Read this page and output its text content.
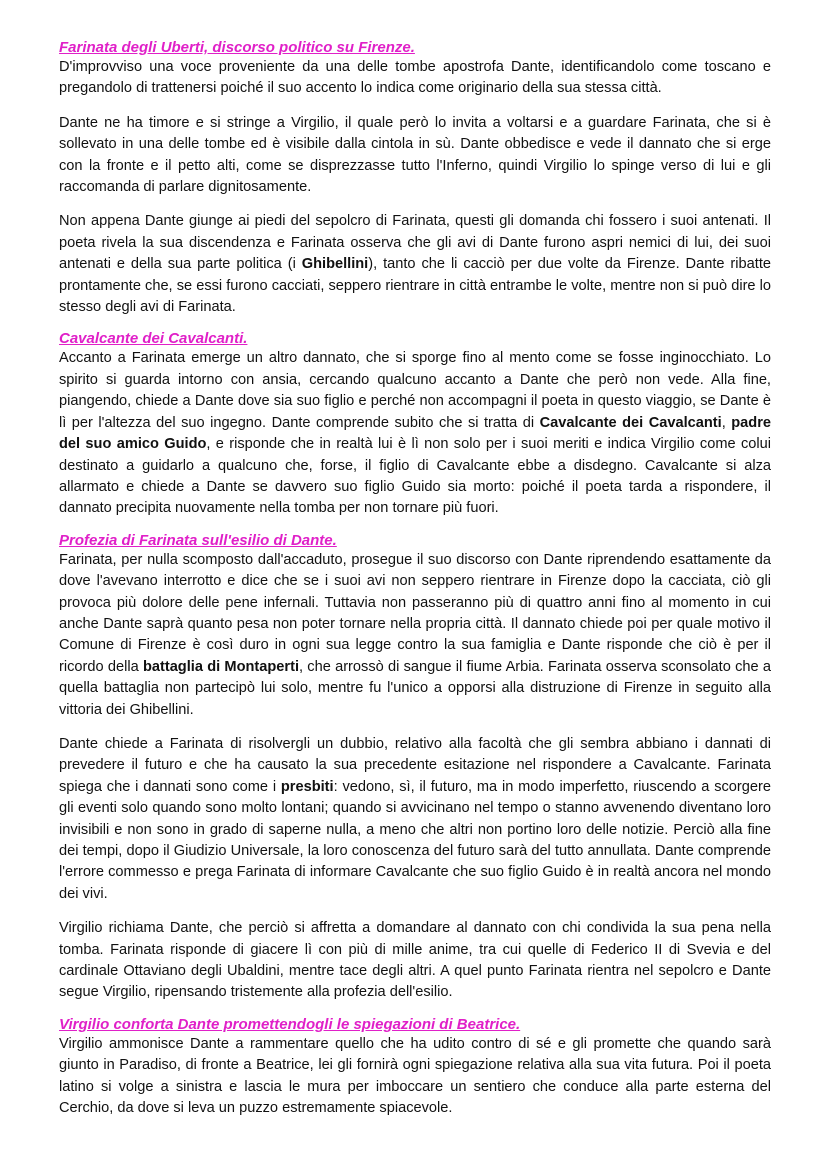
Farinata degli Uberti, discorso politico su Firenze.

D'improvviso una voce proveniente da una delle tombe apostrofa Dante, identificandolo come toscano e pregandolo di trattenersi poiché il suo accento lo indica come originario della sua stessa città.

Dante ne ha timore e si stringe a Virgilio, il quale però lo invita a voltarsi e a guardare Farinata, che si è sollevato in una delle tombe ed è visibile dalla cintola in sù. Dante obbedisce e vede il dannato che si erge con la fronte e il petto alti, come se disprezzasse tutto l'Inferno, quindi Virgilio lo spinge verso di lui e gli raccomanda di parlare dignitosamente.

Non appena Dante giunge ai piedi del sepolcro di Farinata, questi gli domanda chi fossero i suoi antenati. Il poeta rivela la sua discendenza e Farinata osserva che gli avi di Dante furono aspri nemici di lui, dei suoi antenati e della sua parte politica (i Ghibellini), tanto che li cacciò per due volte da Firenze. Dante ribatte prontamente che, se essi furono cacciati, seppero rientrare in città entrambe le volte, mentre non si può dire lo stesso degli avi di Farinata.

Cavalcante dei Cavalcanti.

Accanto a Farinata emerge un altro dannato, che si sporge fino al mento come se fosse inginocchiato. Lo spirito si guarda intorno con ansia, cercando qualcuno accanto a Dante che però non vede. Alla fine, piangendo, chiede a Dante dove sia suo figlio e perché non accompagni il poeta in questo viaggio, se Dante è lì per l'altezza del suo ingegno. Dante comprende subito che si tratta di Cavalcante dei Cavalcanti, padre del suo amico Guido, e risponde che in realtà lui è lì non solo per i suoi meriti e indica Virgilio come colui destinato a guidarlo a qualcuno che, forse, il figlio di Cavalcante ebbe a disdegno. Cavalcante si alza allarmato e chiede a Dante se davvero suo figlio Guido sia morto: poiché il poeta tarda a rispondere, il dannato precipita nuovamente nella tomba per non tornare più fuori.

Profezia di Farinata sull'esilio di Dante.

Farinata, per nulla scomposto dall'accaduto, prosegue il suo discorso con Dante riprendendo esattamente da dove l'avevano interrotto e dice che se i suoi avi non seppero rientrare in Firenze dopo la cacciata, ciò gli provoca più dolore delle pene infernali. Tuttavia non passeranno più di quattro anni fino al momento in cui anche Dante saprà quanto pesa non poter tornare nella propria città. Il dannato chiede poi per quale motivo il Comune di Firenze è così duro in ogni sua legge contro la sua famiglia e Dante risponde che ciò è per il ricordo della battaglia di Montaperti, che arrossò di sangue il fiume Arbia. Farinata osserva sconsolato che a quella battaglia non partecipò lui solo, mentre fu l'unico a opporsi alla distruzione di Firenze in seguito alla vittoria dei Ghibellini.

Dante chiede a Farinata di risolvergli un dubbio, relativo alla facoltà che gli sembra abbiano i dannati di prevedere il futuro e che ha causato la sua precedente esitazione nel rispondere a Cavalcante. Farinata spiega che i dannati sono come i presbiti: vedono, sì, il futuro, ma in modo imperfetto, riuscendo a scorgere gli eventi solo quando sono molto lontani; quando si avvicinano nel tempo o stanno avvenendo diventano loro invisibili e non sono in grado di saperne nulla, a meno che altri non portino loro delle notizie. Perciò alla fine dei tempi, dopo il Giudizio Universale, la loro conoscenza del futuro sarà del tutto annullata. Dante comprende l'errore commesso e prega Farinata di informare Cavalcante che suo figlio Guido è in realtà ancora nel mondo dei vivi.

Virgilio richiama Dante, che perciò si affretta a domandare al dannato con chi condivida la sua pena nella tomba. Farinata risponde di giacere lì con più di mille anime, tra cui quelle di Federico II di Svevia e del cardinale Ottaviano degli Ubaldini, mentre tace degli altri. A quel punto Farinata rientra nel sepolcro e Dante segue Virgilio, ripensando tristemente alla profezia dell'esilio.

Virgilio conforta Dante promettendogli le spiegazioni di Beatrice.

Virgilio ammonisce Dante a rammentare quello che ha udito contro di sé e gli promette che quando sarà giunto in Paradiso, di fronte a Beatrice, lei gli fornirà ogni spiegazione relativa alla sua vita futura. Poi il poeta latino si volge a sinistra e lascia le mura per imboccare un sentiero che conduce alla parte esterna del Cerchio, da dove si leva un puzzo estremamente spiacevole.
